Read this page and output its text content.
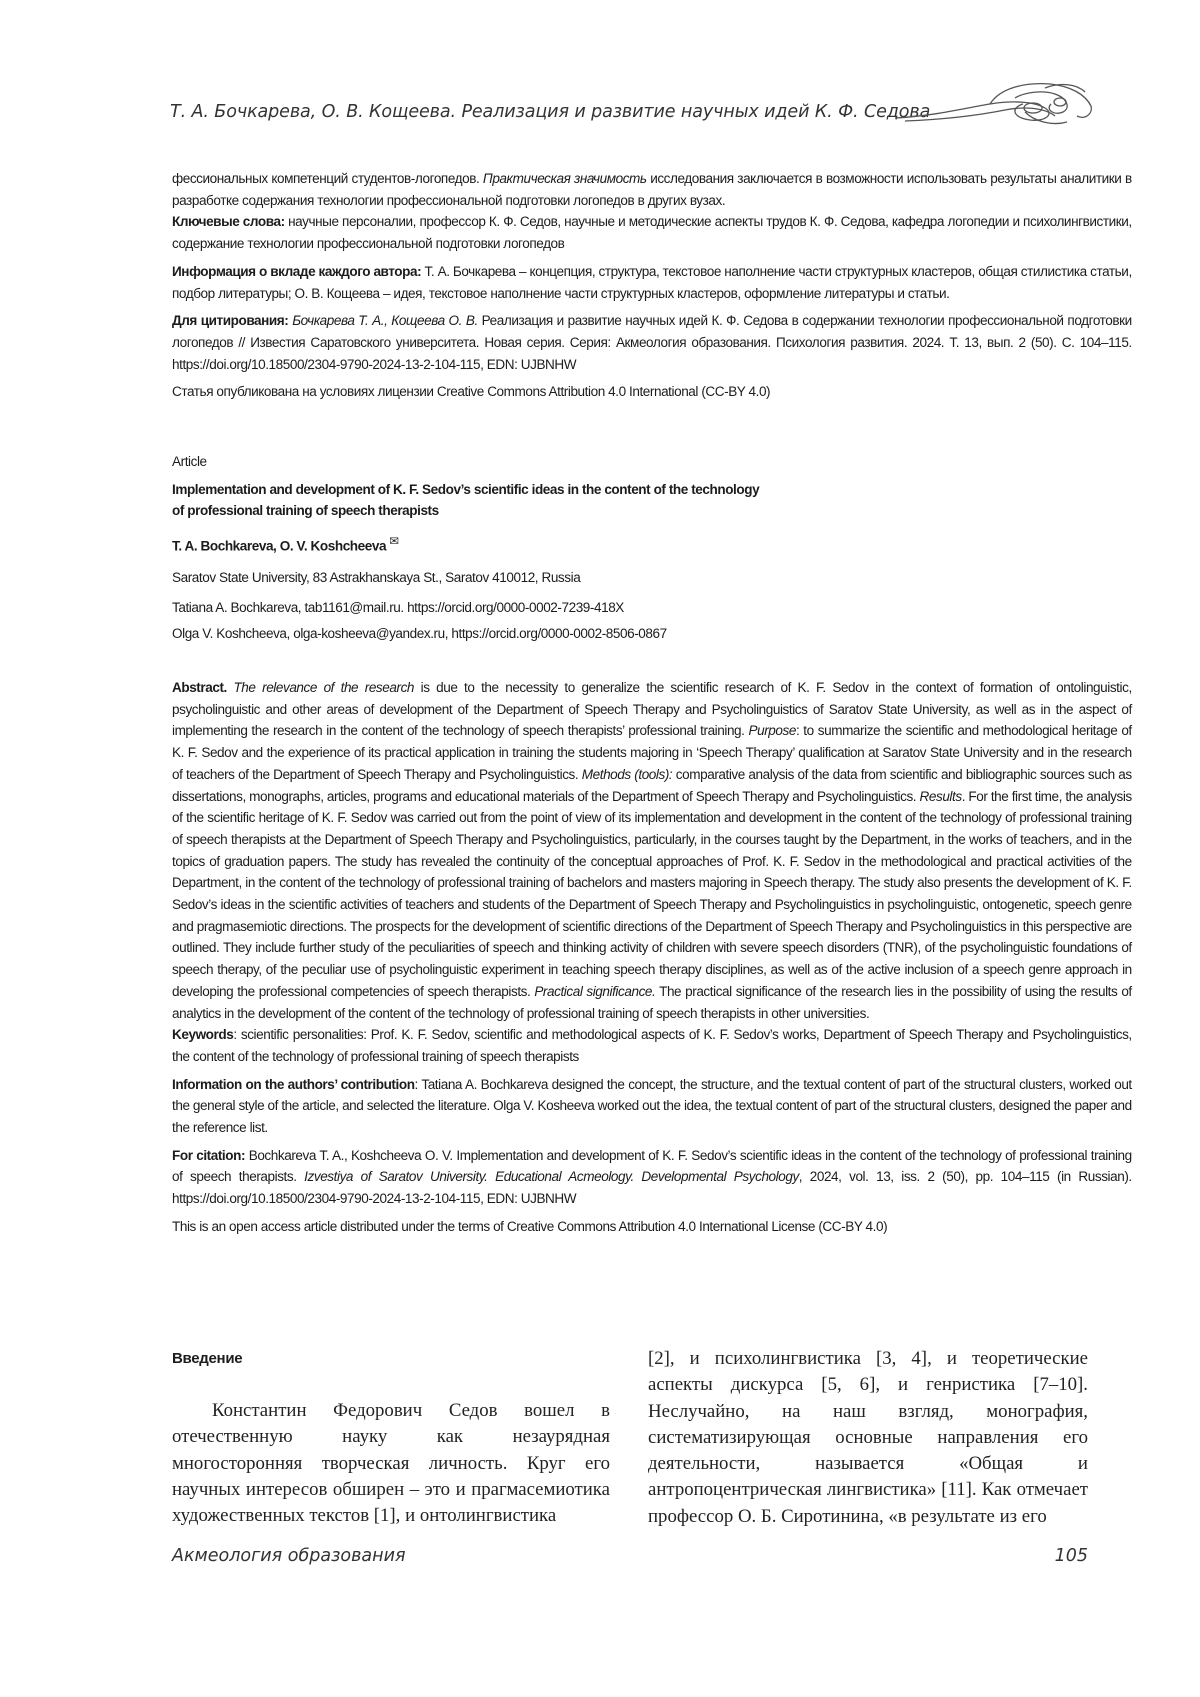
Т. А. Бочкарева, О. В. Кощеева. Реализация и развитие научных идей К. Ф. Седова

фессиональных компетенций студентов-логопедов. Практическая значимость исследования заключается в возможности использовать результаты аналитики в разработке содержания технологии профессиональной подготовки логопедов в других вузах.

Ключевые слова: научные персоналии, профессор К. Ф. Седов, научные и методические аспекты трудов К. Ф. Седова, кафедра логопедии и психолингвистики, содержание технологии профессиональной подготовки логопедов

Информация о вкладе каждого автора: Т. А. Бочкарева – концепция, структура, текстовое наполнение части структурных кластеров, общая стилистика статьи, подбор литературы; О. В. Кощеева – идея, текстовое наполнение части структурных кластеров, оформление литературы и статьи.

Для цитирования: Бочкарева Т. А., Кощеева О. В. Реализация и развитие научных идей К. Ф. Седова в содержании технологии профессиональной подготовки логопедов // Известия Саратовского университета. Новая серия. Серия: Акмеология образования. Психология развития. 2024. Т. 13, вып. 2 (50). С. 104–115. https://doi.org/10.18500/2304-9790-2024-13-2-104-115, EDN: UJBNHW

Статья опубликована на условиях лицензии Creative Commons Attribution 4.0 International (CC-BY 4.0)

Article

Implementation and development of K. F. Sedov’s scientific ideas in the content of the technology
of professional training of speech therapists

T. A. Bochkareva, O. V. Koshcheeva ✉

Saratov State University, 83 Astrakhanskaya St., Saratov 410012, Russia

Tatiana A. Bochkareva, tab1161@mail.ru. https://orcid.org/0000-0002-7239-418X

Olga V. Koshcheeva, olga-kosheeva@yandex.ru, https://orcid.org/0000-0002-8506-0867

Abstract. The relevance of the research is due to the necessity to generalize the scientific research of K. F. Sedov in the context of formation of ontolinguistic, psycholinguistic and other areas of development of the Department of Speech Therapy and Psycholinguistics of Saratov State University, as well as in the aspect of implementing the research in the content of the technology of speech therapists’ professional training. Purpose: to summarize the scientific and methodological heritage of K. F. Sedov and the experience of its practical application in training the students majoring in ‘Speech Therapy’ qualification at Saratov State University and in the research of teachers of the Department of Speech Therapy and Psycholinguistics. Methods (tools): comparative analysis of the data from scientific and bibliographic sources such as dissertations, monographs, articles, programs and educational materials of the Department of Speech Therapy and Psycholinguistics. Results. For the first time, the analysis of the scientific heritage of K. F. Sedov was carried out from the point of view of its implementation and development in the content of the technology of professional training of speech therapists at the Department of Speech Therapy and Psycholinguistics, particularly, in the courses taught by the Department, in the works of teachers, and in the topics of graduation papers. The study has revealed the continuity of the conceptual approaches of Prof. K. F. Sedov in the methodological and practical activities of the Department, in the content of the technology of professional training of bachelors and masters majoring in Speech therapy. The study also presents the development of K. F. Sedov’s ideas in the scientific activities of teachers and students of the Department of Speech Therapy and Psycholinguistics in psycholinguistic, ontogenetic, speech genre and pragmasemiotic directions. The prospects for the development of scientific directions of the Department of Speech Therapy and Psycholinguistics in this perspective are outlined. They include further study of the peculiarities of speech and thinking activity of children with severe speech disorders (TNR), of the psycholinguistic foundations of speech therapy, of the peculiar use of psycholinguistic experiment in teaching speech therapy disciplines, as well as of the active inclusion of a speech genre approach in developing the professional competencies of speech therapists. Practical significance. The practical significance of the research lies in the possibility of using the results of analytics in the development of the content of the technology of professional training of speech therapists in other universities.

Keywords: scientific personalities: Prof. K. F. Sedov, scientific and methodological aspects of K. F. Sedov’s works, Department of Speech Therapy and Psycholinguistics, the content of the technology of professional training of speech therapists

Information on the authors’ contribution: Tatiana A. Bochkareva designed the concept, the structure, and the textual content of part of the structural clusters, worked out the general style of the article, and selected the literature. Olga V. Kosheeva worked out the idea, the textual content of part of the structural clusters, designed the paper and the reference list.

For citation: Bochkareva T. A., Koshcheeva O. V. Implementation and development of K. F. Sedov’s scientific ideas in the content of the technology of professional training of speech therapists. Izvestiya of Saratov University. Educational Acmeology. Developmental Psychology, 2024, vol. 13, iss. 2 (50), pp. 104–115 (in Russian). https://doi.org/10.18500/2304-9790-2024-13-2-104-115, EDN: UJBNHW

This is an open access article distributed under the terms of Creative Commons Attribution 4.0 International License (CC-BY 4.0)

Введение
Константин Федорович Седов вошел в отечественную науку как незаурядная многосторонняя творческая личность. Круг его научных интересов обширен – это и прагмасемиотика художественных текстов [1], и онтолингвистика
[2], и психолингвистика [3, 4], и теоретические аспекты дискурса [5, 6], и генристика [7–10]. Неслучайно, на наш взгляд, монография, систематизирующая основные направления его деятельности, называется «Общая и антропоцентрическая лингвистика» [11]. Как отмечает профессор О. Б. Сиротинина, «в результате из его
Акмеология образования	105
